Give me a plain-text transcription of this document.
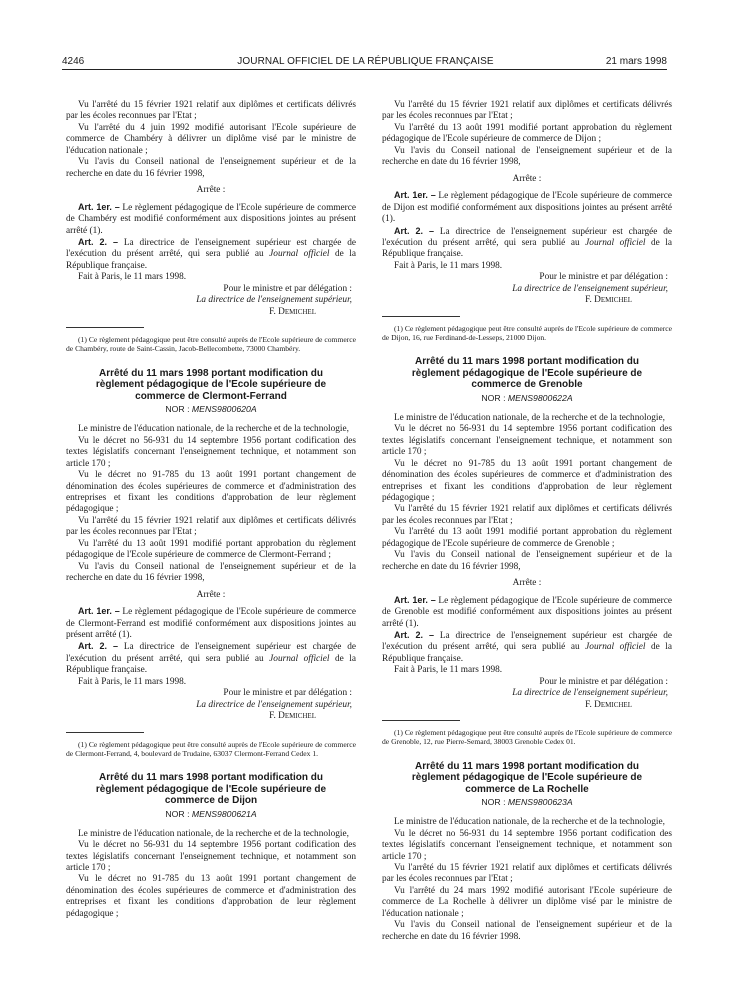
4246	JOURNAL OFFICIEL DE LA RÉPUBLIQUE FRANÇAISE	21 mars 1998

Vu l'arrêté du 15 février 1921 relatif aux diplômes et certificats délivrés par les écoles reconnues par l'Etat ;

Vu l'arrêté du 4 juin 1992 modifié autorisant l'Ecole supérieure de commerce de Chambéry à délivrer un diplôme visé par le ministre de l'éducation nationale ;

Vu l'avis du Conseil national de l'enseignement supérieur et de la recherche en date du 16 février 1998,

Arrête :

Art. 1er. – Le règlement pédagogique de l'Ecole supérieure de commerce de Chambéry est modifié conformément aux dispositions jointes au présent arrêté (1).

Art. 2. – La directrice de l'enseignement supérieur est chargée de l'exécution du présent arrêté, qui sera publié au Journal officiel de la République française.

Fait à Paris, le 11 mars 1998.

Pour le ministre et par délégation :

La directrice de l'enseignement supérieur,

F. Demichel

(1) Ce règlement pédagogique peut être consulté auprès de l'Ecole supérieure de commerce de Chambéry, route de Saint-Cassin, Jacob-Bellecombette, 73000 Chambéry.

Arrêté du 11 mars 1998 portant modification du règlement pédagogique de l'Ecole supérieure de commerce de Clermont-Ferrand

NOR : MENS9800620A

Le ministre de l'éducation nationale, de la recherche et de la technologie,

Vu le décret no 56-931 du 14 septembre 1956 portant codification des textes législatifs concernant l'enseignement technique, et notamment son article 170 ;

Vu le décret no 91-785 du 13 août 1991 portant changement de dénomination des écoles supérieures de commerce et d'administration des entreprises et fixant les conditions d'approbation de leur règlement pédagogique ;

Vu l'arrêté du 15 février 1921 relatif aux diplômes et certificats délivrés par les écoles reconnues par l'Etat ;

Vu l'arrêté du 13 août 1991 modifié portant approbation du règlement pédagogique de l'Ecole supérieure de commerce de Clermont-Ferrand ;

Vu l'avis du Conseil national de l'enseignement supérieur et de la recherche en date du 16 février 1998,

Arrête :

Art. 1er. – Le règlement pédagogique de l'Ecole supérieure de commerce de Clermont-Ferrand est modifié conformément aux dispositions jointes au présent arrêté (1).

Art. 2. – La directrice de l'enseignement supérieur est chargée de l'exécution du présent arrêté, qui sera publié au Journal officiel de la République française.

Fait à Paris, le 11 mars 1998.

Pour le ministre et par délégation :

La directrice de l'enseignement supérieur,

F. Demichel

(1) Ce règlement pédagogique peut être consulté auprès de l'Ecole supérieure de commerce de Clermont-Ferrand, 4, boulevard de Trudaine, 63037 Clermont-Ferrand Cedex 1.

Arrêté du 11 mars 1998 portant modification du règlement pédagogique de l'Ecole supérieure de commerce de Dijon

NOR : MENS9800621A

Le ministre de l'éducation nationale, de la recherche et de la technologie,

Vu le décret no 56-931 du 14 septembre 1956 portant codification des textes législatifs concernant l'enseignement technique, et notamment son article 170 ;

Vu le décret no 91-785 du 13 août 1991 portant changement de dénomination des écoles supérieures de commerce et d'administration des entreprises et fixant les conditions d'approbation de leur règlement pédagogique ;

Vu l'arrêté du 15 février 1921 relatif aux diplômes et certificats délivrés par les écoles reconnues par l'Etat ;

Vu l'arrêté du 13 août 1991 modifié portant approbation du règlement pédagogique de l'Ecole supérieure de commerce de Dijon ;

Vu l'avis du Conseil national de l'enseignement supérieur et de la recherche en date du 16 février 1998,

Arrête :

Art. 1er. – Le règlement pédagogique de l'Ecole supérieure de commerce de Dijon est modifié conformément aux dispositions jointes au présent arrêté (1).

Art. 2. – La directrice de l'enseignement supérieur est chargée de l'exécution du présent arrêté, qui sera publié au Journal officiel de la République française.

Fait à Paris, le 11 mars 1998.

Pour le ministre et par délégation :

La directrice de l'enseignement supérieur,

F. Demichel

(1) Ce règlement pédagogique peut être consulté auprès de l'Ecole supérieure de commerce de Dijon, 16, rue Ferdinand-de-Lesseps, 21000 Dijon.

Arrêté du 11 mars 1998 portant modification du règlement pédagogique de l'Ecole supérieure de commerce de Grenoble

NOR : MENS9800622A

Le ministre de l'éducation nationale, de la recherche et de la technologie,

Vu le décret no 56-931 du 14 septembre 1956 portant codification des textes législatifs concernant l'enseignement technique, et notamment son article 170 ;

Vu le décret no 91-785 du 13 août 1991 portant changement de dénomination des écoles supérieures de commerce et d'administration des entreprises et fixant les conditions d'approbation de leur règlement pédagogique ;

Vu l'arrêté du 15 février 1921 relatif aux diplômes et certificats délivrés par les écoles reconnues par l'Etat ;

Vu l'arrêté du 13 août 1991 modifié portant approbation du règlement pédagogique de l'Ecole supérieure de commerce de Grenoble ;

Vu l'avis du Conseil national de l'enseignement supérieur et de la recherche en date du 16 février 1998,

Arrête :

Art. 1er. – Le règlement pédagogique de l'Ecole supérieure de commerce de Grenoble est modifié conformément aux dispositions jointes au présent arrêté (1).

Art. 2. – La directrice de l'enseignement supérieur est chargée de l'exécution du présent arrêté, qui sera publié au Journal officiel de la République française.

Fait à Paris, le 11 mars 1998.

Pour le ministre et par délégation :

La directrice de l'enseignement supérieur,

F. Demichel

(1) Ce règlement pédagogique peut être consulté auprès de l'Ecole supérieure de commerce de Grenoble, 12, rue Pierre-Semard, 38003 Grenoble Cedex 01.

Arrêté du 11 mars 1998 portant modification du règlement pédagogique de l'Ecole supérieure de commerce de La Rochelle

NOR : MENS9800623A

Le ministre de l'éducation nationale, de la recherche et de la technologie,

Vu le décret no 56-931 du 14 septembre 1956 portant codification des textes législatifs concernant l'enseignement technique, et notamment son article 170 ;

Vu l'arrêté du 15 février 1921 relatif aux diplômes et certificats délivrés par les écoles reconnues par l'Etat ;

Vu l'arrêté du 24 mars 1992 modifié autorisant l'Ecole supérieure de commerce de La Rochelle à délivrer un diplôme visé par le ministre de l'éducation nationale ;

Vu l'avis du Conseil national de l'enseignement supérieur et de la recherche en date du 16 février 1998.
